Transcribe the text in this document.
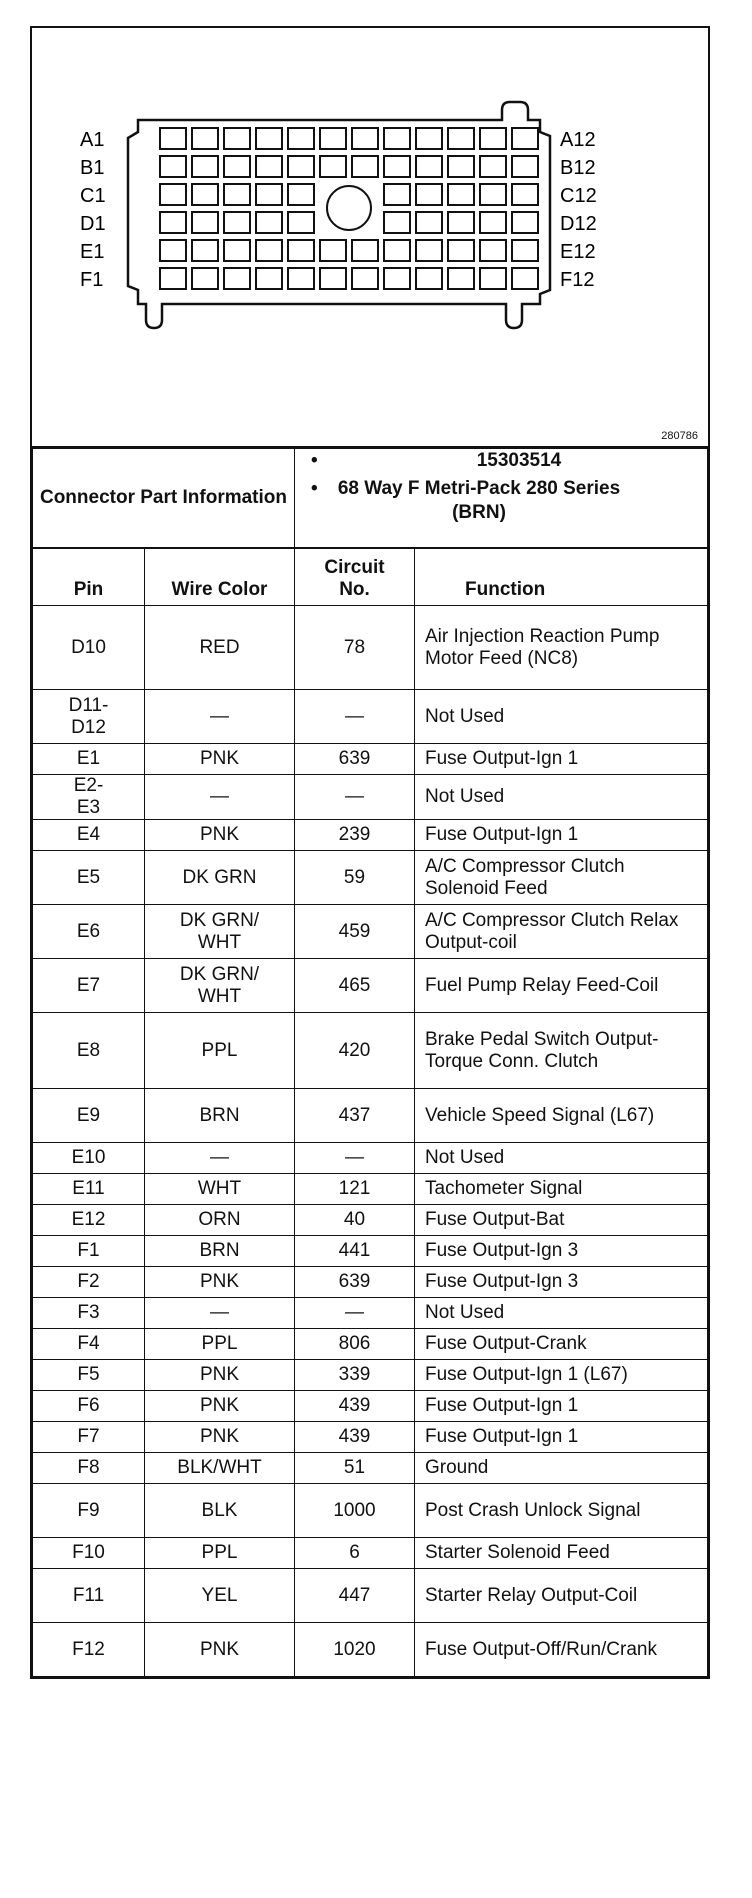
A1
B1
C1
D1
E1
F1
A12
B12
C12
D12
E12
F12
280786
Connector Part Information	
•	15303514
• 68 Way F Metri-Pack 280 Series (BRN)
Pin	Wire Color	Circuit No.	Function
D10	RED	78	Air Injection Reaction Pump Motor Feed (NC8)
D11-D12	—	—	Not Used
E1	PNK	639	Fuse Output-Ign 1
E2-E3	—	—	Not Used
E4	PNK	239	Fuse Output-Ign 1
E5	DK GRN	59	A/C Compressor Clutch Solenoid Feed
E6	DK GRN/ WHT	459	A/C Compressor Clutch Relax Output-coil
E7	DK GRN/ WHT	465	Fuel Pump Relay Feed-Coil
E8	PPL	420	Brake Pedal Switch Output-Torque Conn. Clutch
E9	BRN	437	Vehicle Speed Signal (L67)
E10	—	—	Not Used
E11	WHT	121	Tachometer Signal
E12	ORN	40	Fuse Output-Bat
F1	BRN	441	Fuse Output-Ign 3
F2	PNK	639	Fuse Output-Ign 3
F3	—	—	Not Used
F4	PPL	806	Fuse Output-Crank
F5	PNK	339	Fuse Output-Ign 1 (L67)
F6	PNK	439	Fuse Output-Ign 1
F7	PNK	439	Fuse Output-Ign 1
F8	BLK/WHT	51	Ground
F9	BLK	1000	Post Crash Unlock Signal
F10	PPL	6	Starter Solenoid Feed
F11	YEL	447	Starter Relay Output-Coil
F12	PNK	1020	Fuse Output-Off/Run/Crank
